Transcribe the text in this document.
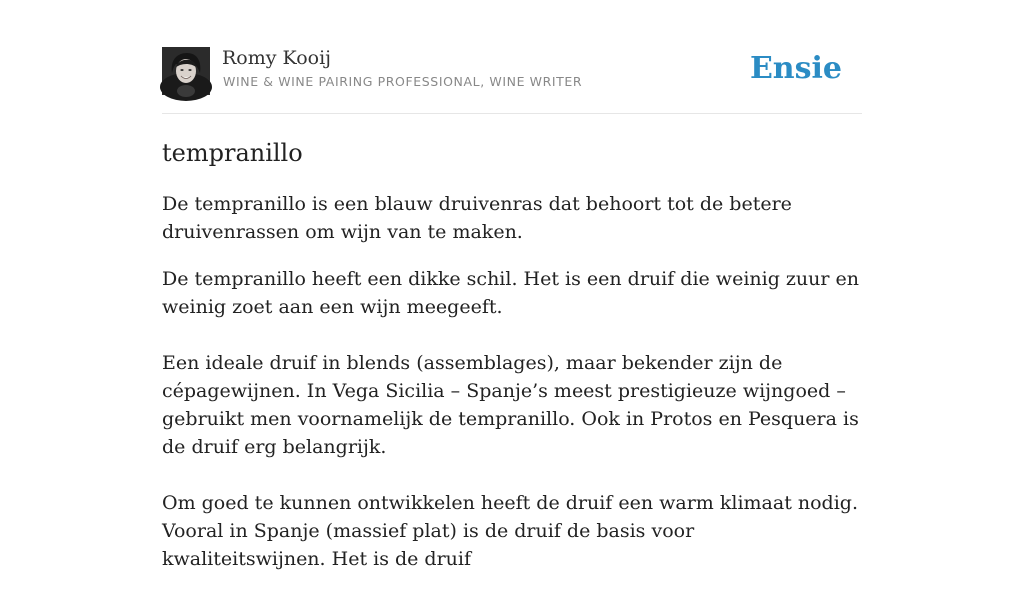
Romy Kooij
WINE & WINE PAIRING PROFESSIONAL, WINE WRITER	Ensie
tempranillo

De tempranillo is een blauw druivenras dat behoort tot de betere druivenrassen om wijn van te maken.

De tempranillo heeft een dikke schil. Het is een druif die weinig zuur en weinig zoet aan een wijn meegeeft.

Een ideale druif in blends (assemblages), maar bekender zijn de cépagewijnen. In Vega Sicilia – Spanje’s meest prestigieuze wijngoed – gebruikt men voornamelijk de tempranillo. Ook in Protos en Pesquera is de druif erg belangrijk.

Om goed te kunnen ontwikkelen heeft de druif een warm klimaat nodig. Vooral in Spanje (massief plat) is de druif de basis voor kwaliteitswijnen. Het is de druif
